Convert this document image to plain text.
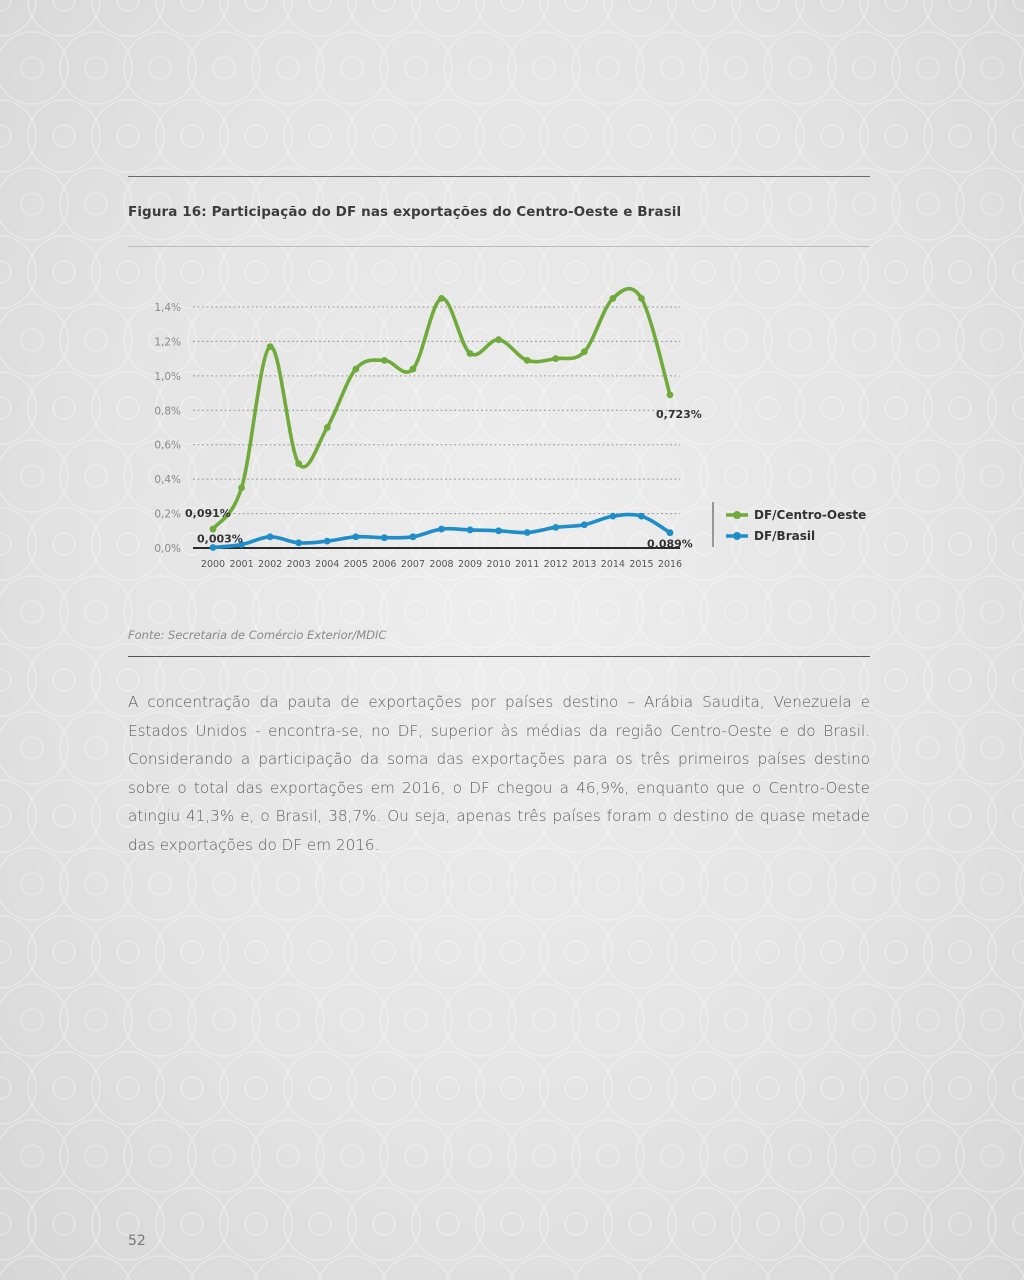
Figura 16: Participação do DF nas exportações do Centro-Oeste e Brasil
0,0%
0,2%
0,4%
0,6%
0,8%
1,0%
1,2%
1,4%
2000 2001 2002 2003 2004 2005 2006 2007 2008 2009 2010 2011 2012 2013 2014 2015 2016
0,091%
0,723%
0,003%	0,089%
DF/Centro-Oeste
DF/Brasil
Fonte: Secretaria de Comércio Exterior/MDIC

A concentração da pauta de exportações por países destino – Arábia Saudita, Venezuela e Estados Unidos - encontra-se, no DF, superior às médias da região Centro-Oeste e do Brasil. Considerando a participação da soma das exportações para os três primeiros países destino sobre o total das exportações em 2016, o DF chegou a 46,9%, enquanto que o Centro-Oeste atingiu 41,3% e, o Brasil, 38,7%. Ou seja, apenas três países foram o destino de quase metade das exportações do DF em 2016.

52
